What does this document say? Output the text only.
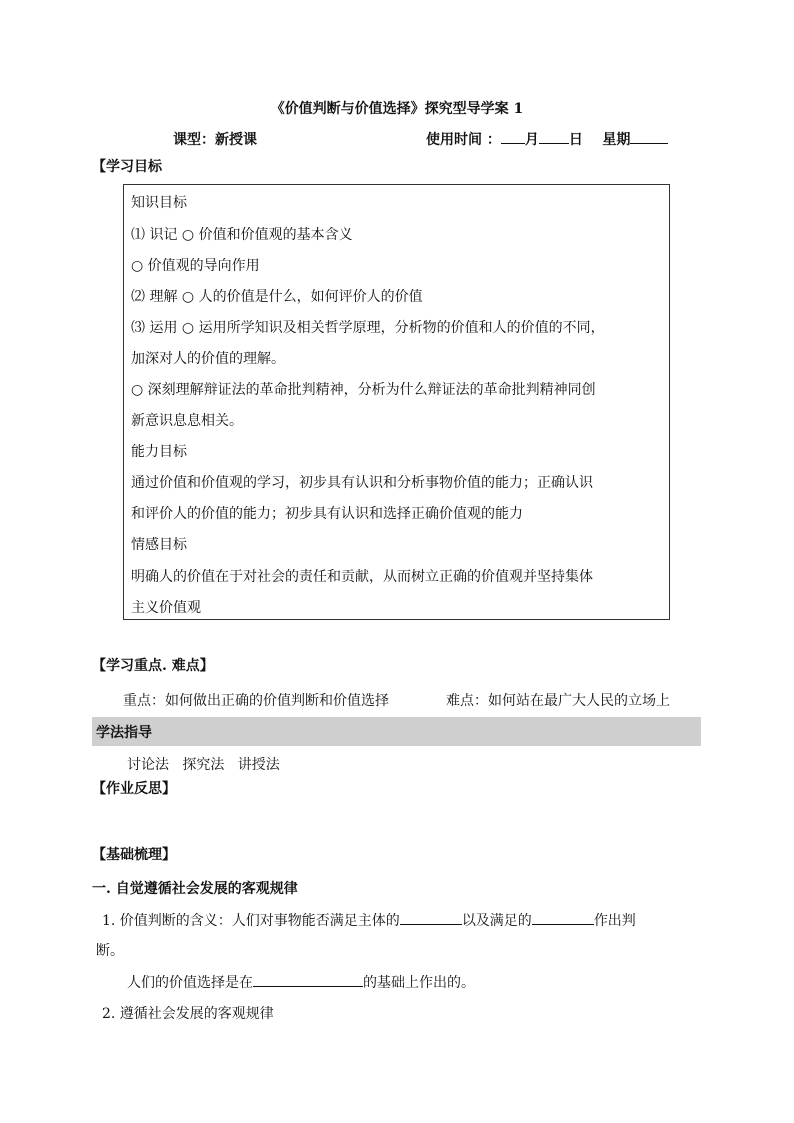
《价值判断与价值选择》探究型导学案 1
课型：新授课	使用时间 ： 月 日 星期
【学习目标
知识目标
⑴ 识记 ○ 价值和价值观的基本含义
○ 价值观的导向作用
⑵ 理解 ○ 人的价值是什么，如何评价人的价值
⑶ 运用 ○ 运用所学知识及相关哲学原理，分析物的价值和人的价值的不同，
加深对人的价值的理解。
○ 深刻理解辩证法的革命批判精神，分析为什么辩证法的革命批判精神同创
新意识息息相关。
能力目标
通过价值和价值观的学习，初步具有认识和分析事物价值的能力；正确认识
和评价人的价值的能力；初步具有认识和选择正确价值观的能力
情感目标
明确人的价值在于对社会的责任和贡献，从而树立正确的价值观并坚持集体
主义价值观
【学习重点. 难点】
重点：如何做出正确的价值判断和价值选择	难点：如何站在最广大人民的立场上
学法指导
讨论法   探究法   讲授法
【作业反思】
【基础梳理】
一. 自觉遵循社会发展的客观规律
1. 价值判断的含义：人们对事物能否满足主体的	以及满足的	作出判
断。
人们的价值选择是在	的基础上作出的。
2. 遵循社会发展的客观规律
